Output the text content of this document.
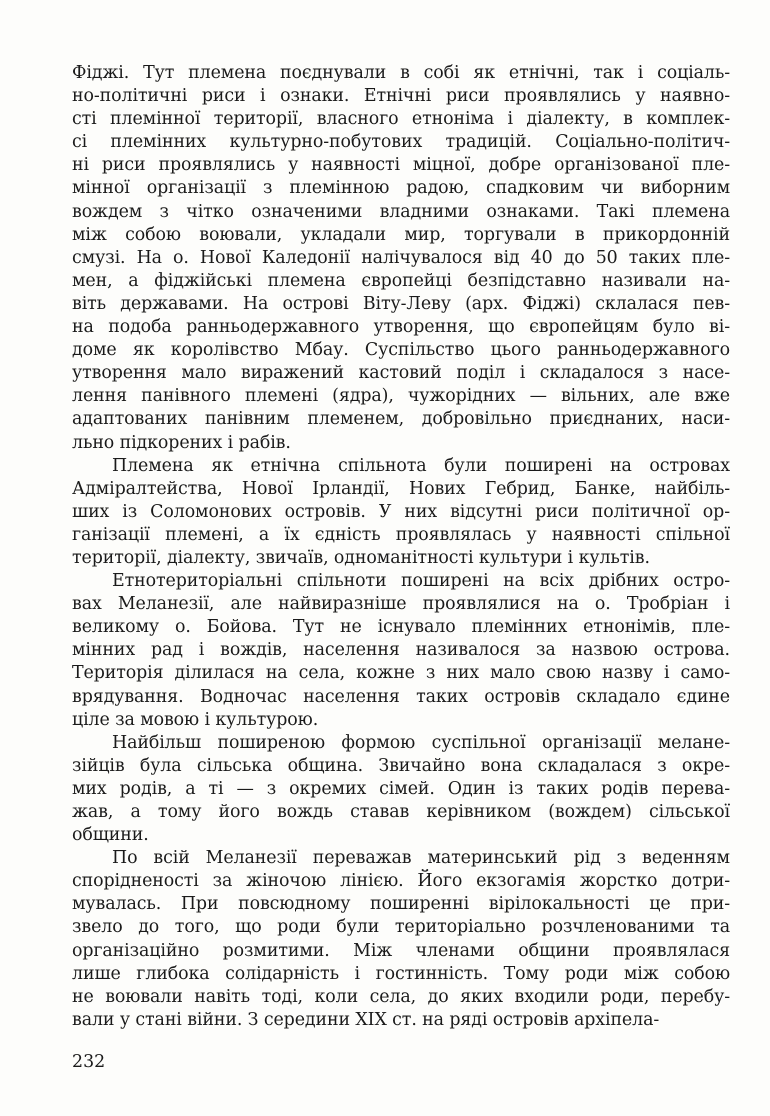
Фіджі. Тут племена поєднували в собі як етнічні, так і соціаль-
но-політичні риси і ознаки. Етнічні риси проявлялись у наявно-
сті племінної території, власного етноніма і діалекту, в комплек-
сі племінних культурно-побутових традицій. Соціально-політич-
ні риси проявлялись у наявності міцної, добре організованої пле-
мінної організації з племінною радою, спадковим чи виборним
вождем з чітко означеними владними ознаками. Такі племена
між собою воювали, укладали мир, торгували в прикордонній
смузі. На о. Нової Каледонії налічувалося від 40 до 50 таких пле-
мен, а фіджійські племена європейці безпідставно називали на-
віть державами. На острові Віту-Леву (арх. Фіджі) склалася пев-
на подоба ранньодержавного утворення, що європейцям було ві-
доме як королівство Мбау. Суспільство цього ранньодержавного
утворення мало виражений кастовий поділ і складалося з насе-
лення панівного племені (ядра), чужорідних — вільних, але вже
адаптованих панівним племенем, добровільно приєднаних, наси-
льно підкорених і рабів.
Племена як етнічна спільнота були поширені на островах
Адміралтейства, Нової Ірландії, Нових Гебрид, Банке, найбіль-
ших із Соломонових островів. У них відсутні риси політичної ор-
ганізації племені, а їх єдність проявлялась у наявності спільної
території, діалекту, звичаїв, одноманітності культури і культів.
Етнотериторіальні спільноти поширені на всіх дрібних остро-
вах Меланезії, але найвиразніше проявлялися на о. Тробріан і
великому о. Бойова. Тут не існувало племінних етнонімів, пле-
мінних рад і вождів, населення називалося за назвою острова.
Територія ділилася на села, кожне з них мало свою назву і само-
врядування. Водночас населення таких островів складало єдине
ціле за мовою і культурою.
Найбільш поширеною формою суспільної організації мелане-
зійців була сільська община. Звичайно вона складалася з окре-
мих родів, а ті — з окремих сімей. Один із таких родів перева-
жав, а тому його вождь ставав керівником (вождем) сільської
общини.
По всій Меланезії переважав материнський рід з веденням
спорідненості за жіночою лінією. Його екзогамія жорстко дотри-
мувалась. При повсюдному поширенні вірілокальності це при-
звело до того, що роди були територіально розчленованими та
організаційно розмитими. Між членами общини проявлялася
лише глибока солідарність і гостинність. Тому роди між собою
не воювали навіть тоді, коли села, до яких входили роди, перебу-
вали у стані війни. З середини XIX ст. на ряді островів архіпела-
232
